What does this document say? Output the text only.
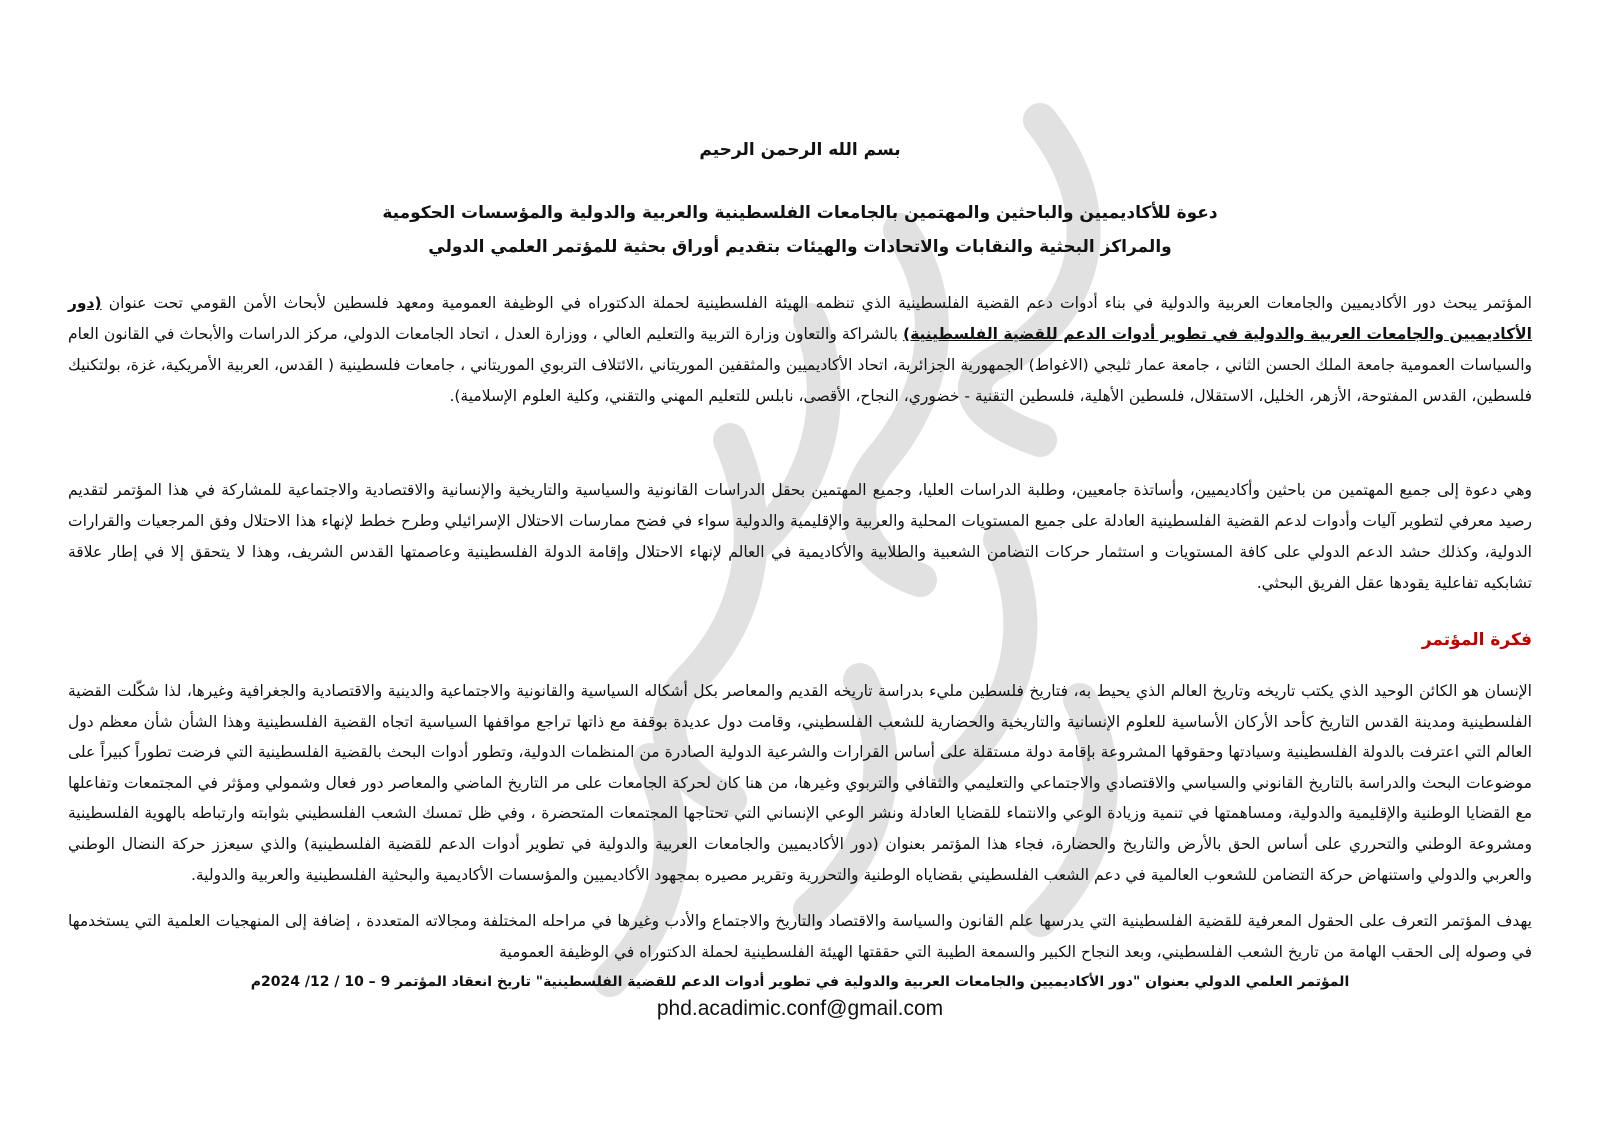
بسم الله الرحمن الرحيم
دعوة للأكاديميين والباحثين والمهتمين بالجامعات الفلسطينية والعربية والدولية والمؤسسات الحكومية
والمراكز البحثية والنقابات والاتحادات والهيئات بتقديم أوراق بحثية للمؤتمر العلمي الدولي
المؤتمر يبحث دور الأكاديميين والجامعات العربية والدولية في بناء أدوات دعم القضية الفلسطينية الذي تنظمه الهيئة الفلسطينية لحملة الدكتوراه في الوظيفة العمومية ومعهد فلسطين لأبحاث الأمن القومي تحت عنوان (دور الأكاديميين والجامعات العربية والدولية في تطوير أدوات الدعم للقضية الفلسطينية) بالشراكة والتعاون وزارة التربية والتعليم العالي ، ووزارة العدل ، اتحاد الجامعات الدولي، مركز الدراسات والأبحاث في القانون العام والسياسات العمومية جامعة الملك الحسن الثاني ، جامعة عمار ثليجي (الاغواط) الجمهورية الجزائرية، اتحاد الأكاديميين والمثقفين الموريتاني ،الائتلاف التربوي الموريتاني ، جامعات فلسطينية ( القدس، العربية الأمريكية، غزة، بولتكنيك فلسطين، القدس المفتوحة، الأزهر، الخليل، الاستقلال، فلسطين الأهلية، فلسطين التقنية - خضوري، النجاح، الأقصى، نابلس للتعليم المهني والتقني، وكلية العلوم الإسلامية).
وهي دعوة إلى جميع المهتمين من باحثين وأكاديميين، وأساتذة جامعيين، وطلبة الدراسات العليا، وجميع المهتمين بحقل الدراسات القانونية والسياسية والتاريخية والإنسانية والاقتصادية والاجتماعية للمشاركة في هذا المؤتمر لتقديم رصيد معرفي لتطوير آليات وأدوات لدعم القضية الفلسطينية العادلة على جميع المستويات المحلية والعربية والإقليمية والدولية سواء في فضح ممارسات الاحتلال الإسرائيلي وطرح خطط لإنهاء هذا الاحتلال وفق المرجعيات والقرارات الدولية، وكذلك حشد الدعم الدولي على كافة المستويات و استثمار حركات التضامن الشعبية والطلابية والأكاديمية في العالم لإنهاء الاحتلال وإقامة الدولة الفلسطينية وعاصمتها القدس الشريف، وهذا لا يتحقق إلا في إطار علاقة تشابكيه تفاعلية يقودها عقل الفريق البحثي.
فكرة المؤتمر
الإنسان هو الكائن الوحيد الذي يكتب تاريخه وتاريخ العالم الذي يحيط به، فتاريخ فلسطين مليء بدراسة تاريخه القديم والمعاصر بكل أشكاله السياسية والقانونية والاجتماعية والدينية والاقتصادية والجغرافية وغيرها، لذا شكّلت القضية الفلسطينية ومدينة القدس التاريخ كأحد الأركان الأساسية للعلوم الإنسانية والتاريخية والحضارية للشعب الفلسطيني، وقامت دول عديدة بوقفة مع ذاتها تراجع مواقفها السياسية اتجاه القضية الفلسطينية وهذا الشأن شأن معظم دول العالم التي اعترفت بالدولة الفلسطينية وسيادتها وحقوقها المشروعة بإقامة دولة مستقلة على أساس القرارات والشرعية الدولية الصادرة من المنظمات الدولية، وتطور أدوات البحث بالقضية الفلسطينية التي فرضت تطوراً كبيراً على موضوعات البحث والدراسة بالتاريخ القانوني والسياسي والاقتصادي والاجتماعي والتعليمي والثقافي والتربوي وغيرها، من هنا كان لحركة الجامعات على مر التاريخ الماضي والمعاصر دور فعال وشمولي ومؤثر في المجتمعات وتفاعلها مع القضايا الوطنية والإقليمية والدولية، ومساهمتها في تنمية وزيادة الوعي والانتماء للقضايا العادلة ونشر الوعي الإنساني التي تحتاجها المجتمعات المتحضرة ، وفي ظل تمسك الشعب الفلسطيني بثوابته وارتباطه بالهوية الفلسطينية ومشروعة الوطني والتحرري على أساس الحق بالأرض والتاريخ والحضارة، فجاء هذا المؤتمر بعنوان (دور الأكاديميين والجامعات العربية والدولية في تطوير أدوات الدعم للقضية الفلسطينية) والذي سيعزز حركة النضال الوطني والعربي والدولي واستنهاض حركة التضامن للشعوب العالمية في دعم الشعب الفلسطيني بقضاياه الوطنية والتحررية وتقرير مصيره بمجهود الأكاديميين والمؤسسات الأكاديمية والبحثية الفلسطينية والعربية والدولية.
يهدف المؤتمر التعرف على الحقول المعرفية للقضية الفلسطينية التي يدرسها علم القانون والسياسة والاقتصاد والتاريخ والاجتماع والأدب وغيرها في مراحله المختلفة ومجالاته المتعددة ، إضافة إلى المنهجيات العلمية التي يستخدمها في وصوله إلى الحقب الهامة من تاريخ الشعب الفلسطيني، وبعد النجاح الكبير والسمعة الطيبة التي حققتها الهيئة الفلسطينية لحملة الدكتوراه في الوظيفة العمومية
المؤتمر العلمي الدولي بعنوان "دور الأكاديميين والجامعات العربية والدولية في تطوير أدوات الدعم للقضية الفلسطينية" تاريخ انعقاد المؤتمر 9 – 10 / 12/ 2024م
phd.acadimic.conf@gmail.com
